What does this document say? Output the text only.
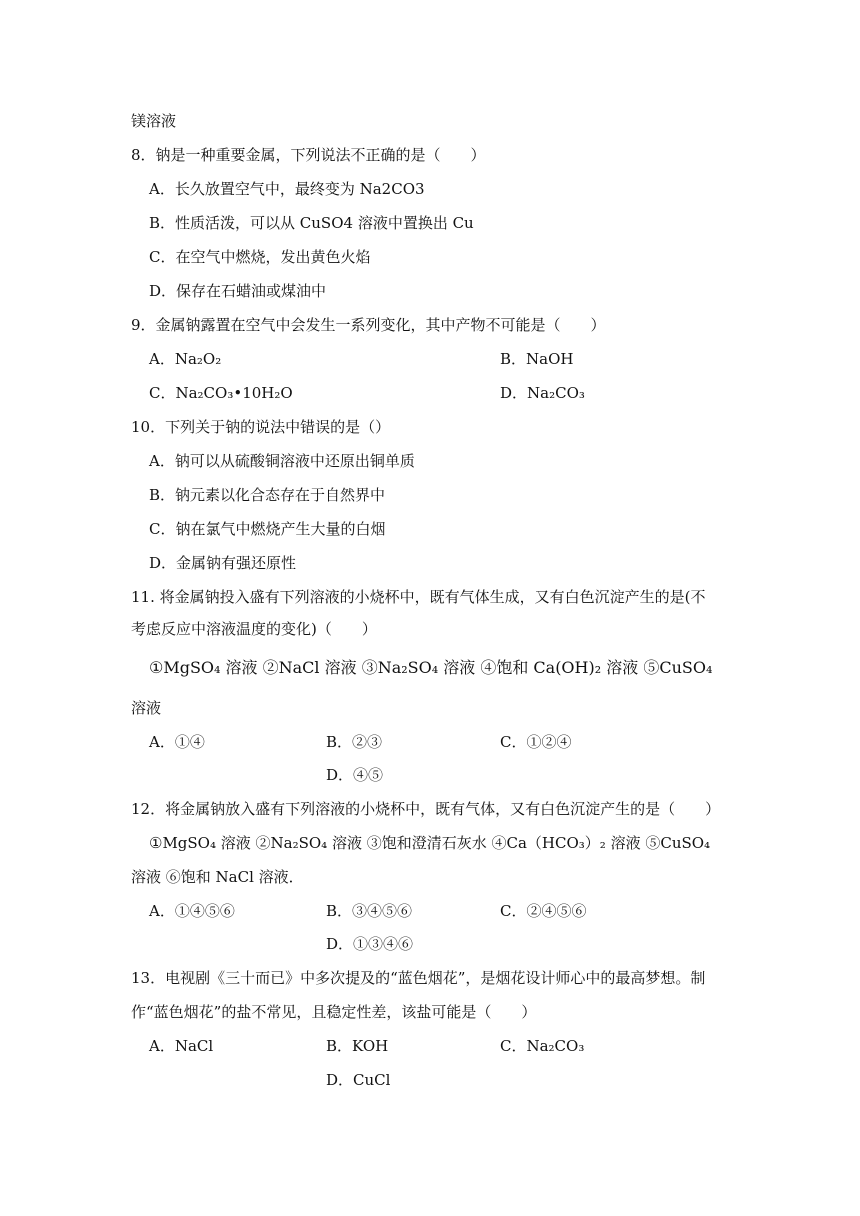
镁溶液
8．钠是一种重要金属，下列说法不正确的是（　　）
A．长久放置空气中，最终变为 Na2CO3
B．性质活泼，可以从 CuSO4 溶液中置换出 Cu
C．在空气中燃烧，发出黄色火焰
D．保存在石蜡油或煤油中
9．金属钠露置在空气中会发生一系列变化，其中产物不可能是（　　）
A．Na₂O₂	B．NaOH
C．Na₂CO₃•10H₂O	D．Na₂CO₃
10．下列关于钠的说法中错误的是（）
A．钠可以从硫酸铜溶液中还原出铜单质
B．钠元素以化合态存在于自然界中
C．钠在氯气中燃烧产生大量的白烟
D．金属钠有强还原性
11. 将金属钠投入盛有下列溶液的小烧杯中，既有气体生成，又有白色沉淀产生的是(不
考虑反应中溶液温度的变化)（　　）
①MgSO₄ 溶液 ②NaCl 溶液 ③Na₂SO₄ 溶液 ④饱和 Ca(OH)₂ 溶液 ⑤CuSO₄
溶液
A．①④	B．②③	C．①②④
D．④⑤
12．将金属钠放入盛有下列溶液的小烧杯中，既有气体，又有白色沉淀产生的是（　　）
①MgSO₄ 溶液 ②Na₂SO₄ 溶液 ③饱和澄清石灰水 ④Ca（HCO₃）₂ 溶液 ⑤CuSO₄
溶液 ⑥饱和 NaCl 溶液．
A．①④⑤⑥	B．③④⑤⑥	C．②④⑤⑥
D．①③④⑥
13．电视剧《三十而已》中多次提及的“蓝色烟花”，是烟花设计师心中的最高梦想。制
作“蓝色烟花”的盐不常见，且稳定性差，该盐可能是（　　）
A．NaCl	B．KOH	C．Na₂CO₃
D．CuCl
